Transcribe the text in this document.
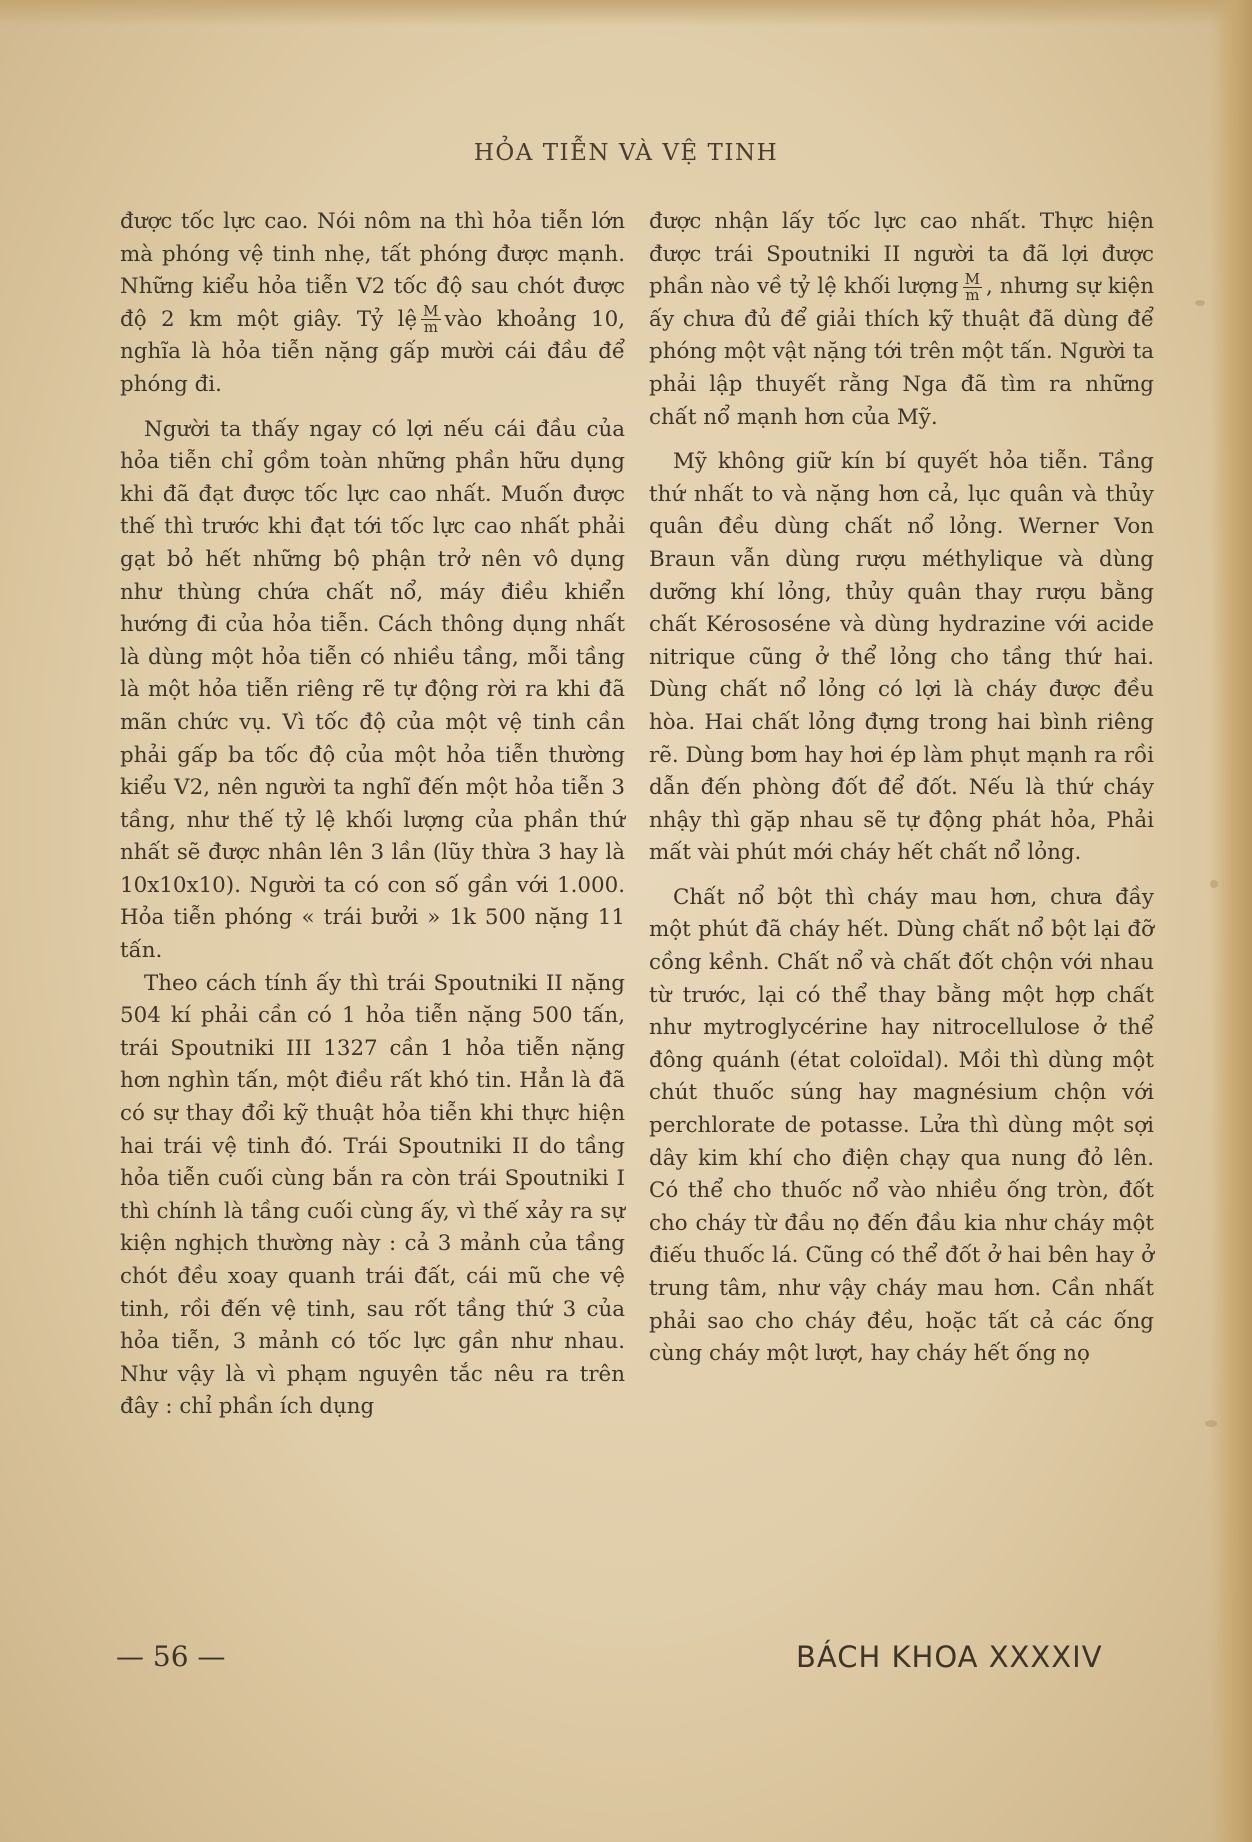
HỎA TIỄN VÀ VỆ TINH

được tốc lực cao. Nói nôm na thì hỏa tiễn lớn mà phóng vệ tinh nhẹ, tất phóng được mạnh. Những kiểu hỏa tiễn V2 tốc độ sau chót được độ 2 km một giây. Tỷ lệ $\frac{M}{m}$ vào khoảng 10, nghĩa là hỏa tiễn nặng gấp mười cái đầu để phóng đi.

Người ta thấy ngay có lợi nếu cái đầu của hỏa tiễn chỉ gồm toàn những phần hữu dụng khi đã đạt được tốc lực cao nhất. Muốn được thế thì trước khi đạt tới tốc lực cao nhất phải gạt bỏ hết những bộ phận trở nên vô dụng như thùng chứa chất nổ, máy điều khiển hướng đi của hỏa tiễn. Cách thông dụng nhất là dùng một hỏa tiễn có nhiều tầng, mỗi tầng là một hỏa tiễn riêng rẽ tự động rời ra khi đã mãn chức vụ. Vì tốc độ của một vệ tinh cần phải gấp ba tốc độ của một hỏa tiễn thường kiểu V2, nên người ta nghĩ đến một hỏa tiễn 3 tầng, như thế tỷ lệ khối lượng của phần thứ nhất sẽ được nhân lên 3 lần (lũy thừa 3 hay là 10x10x10). Người ta có con số gần với 1.000. Hỏa tiễn phóng « trái bưởi » 1k 500 nặng 11 tấn.

Theo cách tính ấy thì trái Spoutniki II nặng 504 kí phải cần có 1 hỏa tiễn nặng 500 tấn, trái Spoutniki III 1327 cần 1 hỏa tiễn nặng hơn nghìn tấn, một điều rất khó tin. Hẳn là đã có sự thay đổi kỹ thuật hỏa tiễn khi thực hiện hai trái vệ tinh đó. Trái Spoutniki II do tầng hỏa tiễn cuối cùng bắn ra còn trái Spoutniki I thì chính là tầng cuối cùng ấy, vì thế xảy ra sự kiện nghịch thường này : cả 3 mảnh của tầng chót đều xoay quanh trái đất, cái mũ che vệ tinh, rồi đến vệ tinh, sau rốt tầng thứ 3 của hỏa tiễn, 3 mảnh có tốc lực gần như nhau. Như vậy là vì phạm nguyên tắc nêu ra trên đây : chỉ phần ích dụng

được nhận lấy tốc lực cao nhất. Thực hiện được trái Spoutniki II người ta đã lợi được phần nào về tỷ lệ khối lượng $\frac{M}{m}$ , nhưng sự kiện ấy chưa đủ để giải thích kỹ thuật đã dùng để phóng một vật nặng tới trên một tấn. Người ta phải lập thuyết rằng Nga đã tìm ra những chất nổ mạnh hơn của Mỹ.

Mỹ không giữ kín bí quyết hỏa tiễn. Tầng thứ nhất to và nặng hơn cả, lục quân và thủy quân đều dùng chất nổ lỏng. Werner Von Braun vẫn dùng rượu méthylique và dùng dưỡng khí lỏng, thủy quân thay rượu bằng chất Kérososéne và dùng hydrazine với acide nitrique cũng ở thể lỏng cho tầng thứ hai. Dùng chất nổ lỏng có lợi là cháy được đều hòa. Hai chất lỏng đựng trong hai bình riêng rẽ. Dùng bơm hay hơi ép làm phụt mạnh ra rồi dẫn đến phòng đốt để đốt. Nếu là thứ cháy nhậy thì gặp nhau sẽ tự động phát hỏa, Phải mất vài phút mới cháy hết chất nổ lỏng.

Chất nổ bột thì cháy mau hơn, chưa đầy một phút đã cháy hết. Dùng chất nổ bột lại đỡ cồng kềnh. Chất nổ và chất đốt chộn với nhau từ trước, lại có thể thay bằng một hợp chất như mytroglycérine hay nitrocellulose ở thể đông quánh (état coloïdal). Mồi thì dùng một chút thuốc súng hay magnésium chộn với perchlorate de potasse. Lửa thì dùng một sợi dây kim khí cho điện chạy qua nung đỏ lên. Có thể cho thuốc nổ vào nhiều ống tròn, đốt cho cháy từ đầu nọ đến đầu kia như cháy một điếu thuốc lá. Cũng có thể đốt ở hai bên hay ở trung tâm, như vậy cháy mau hơn. Cần nhất phải sao cho cháy đều, hoặc tất cả các ống cùng cháy một lượt, hay cháy hết ống nọ

— 56 —	BÁCH KHOA XXXXIV
